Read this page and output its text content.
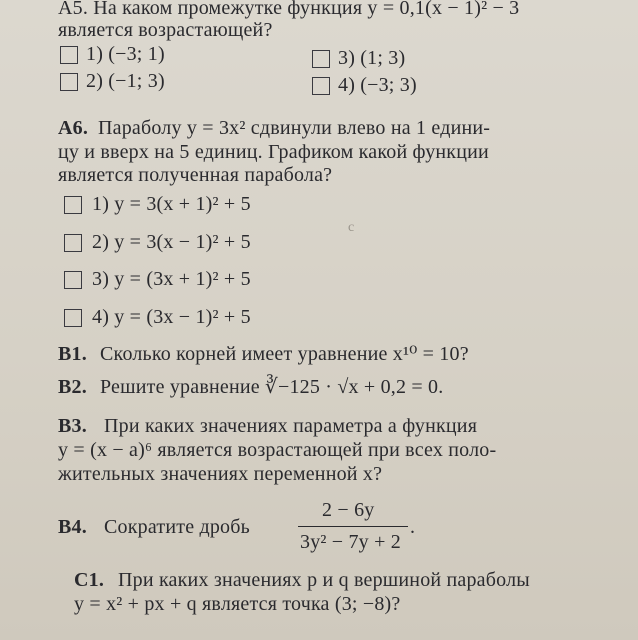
А5. На каком промежутке функция y = 0,1(x − 1)² − 3
является возрастающей?
1) (−3; 1)	3) (1; 3)
2) (−1; 3)	4) (−3; 3)
А6. Параболу y = 3x² сдвинули влево на 1 едини-
цу и вверх на 5 единиц. Графиком какой функции
является полученная парабола?
1) y = 3(x + 1)² + 5
2) y = 3(x − 1)² + 5
3) y = (3x + 1)² + 5
4) y = (3x − 1)² + 5
c
В1. Сколько корней имеет уравнение x¹⁰ = 10?
В2. Решите уравнение ∛−125 · √x + 0,2 = 0.
В3. При каких значениях параметра a функция
y = (x − a)⁶ является возрастающей при всех поло-
жительных значениях переменной x?
В4. Сократите дробь
2 − 6y
3y² − 7y + 2
.
С1. При каких значениях p и q вершиной параболы
y = x² + px + q является точка (3; −8)?
